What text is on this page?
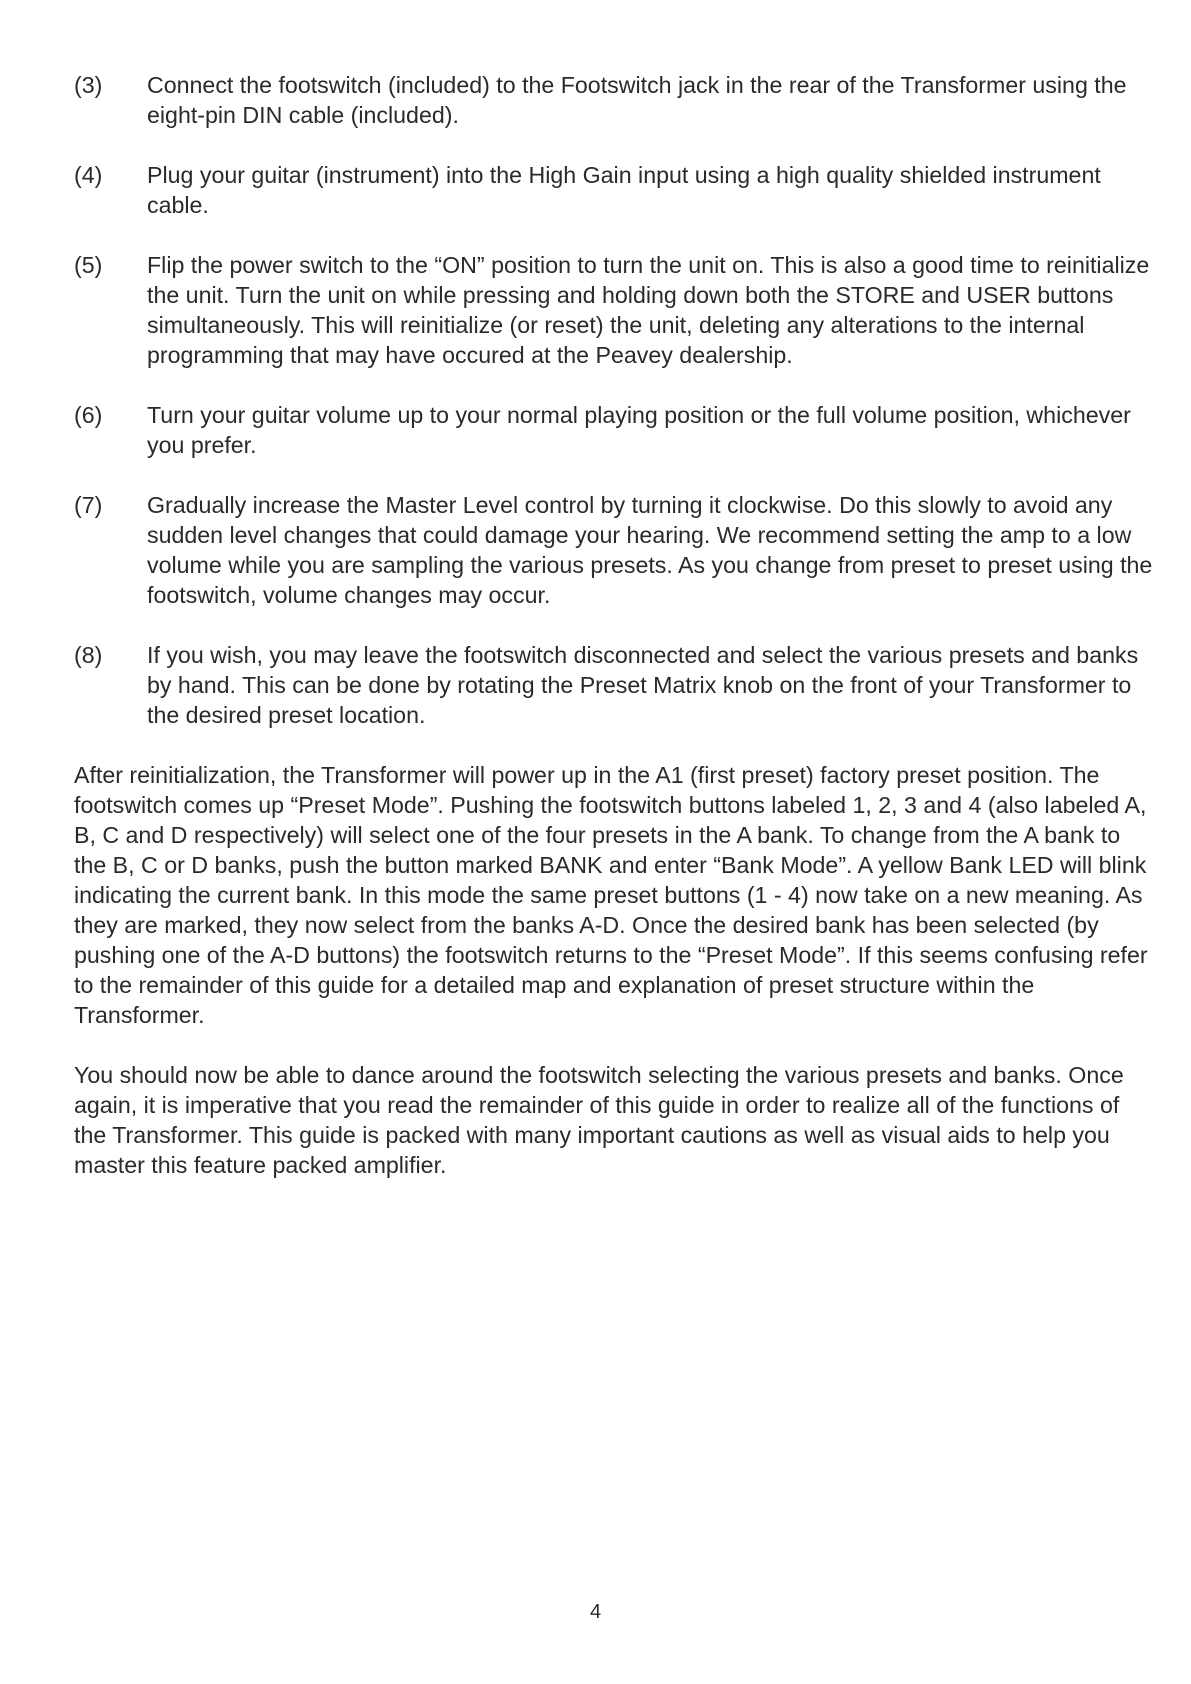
(3)	Connect the footswitch (included) to the Footswitch jack in the rear of the Transformer using the eight-pin DIN cable (included).
(4)	Plug your guitar (instrument) into the High Gain input using a high quality shielded instrument cable.
(5)	Flip the power switch to the “ON” position to turn the unit on. This is also a good time to reinitialize the unit. Turn the unit on while pressing and holding down both the STORE and USER buttons simultaneously. This will reinitialize (or reset) the unit, deleting any alterations to the internal programming that may have occured at the Peavey dealership.
(6)	Turn your guitar volume up to your normal playing position or the full volume position, whichever you prefer.
(7)	Gradually increase the Master Level control by turning it clockwise. Do this slowly to avoid any sudden level changes that could damage your hearing. We recommend setting the amp to a low volume while you are sampling the various presets. As you change from preset to preset using the footswitch, volume changes may occur.
(8)	If you wish, you may leave the footswitch disconnected and select the various presets and banks by hand. This can be done by rotating the Preset Matrix knob on the front of your Transformer to the desired preset location.

After reinitialization, the Transformer will power up in the A1 (first preset) factory preset position. The footswitch comes up “Preset Mode”. Pushing the footswitch buttons labeled 1, 2, 3 and 4 (also labeled A, B, C and D respectively) will select one of the four presets in the A bank. To change from the A bank to the B, C or D banks, push the button marked BANK and enter “Bank Mode”. A yellow Bank LED will blink indicating the current bank. In this mode the same preset buttons (1 - 4) now take on a new meaning. As they are marked, they now select from the banks A-D. Once the desired bank has been selected (by pushing one of the A-D buttons) the footswitch returns to the “Preset Mode”. If this seems confusing refer to the remainder of this guide for a detailed map and explanation of preset structure within the Transformer.

You should now be able to dance around the footswitch selecting the various presets and banks. Once again, it is imperative that you read the remainder of this guide in order to realize all of the functions of the Transformer. This guide is packed with many important cautions as well as visual aids to help you master this feature packed amplifier.

4
